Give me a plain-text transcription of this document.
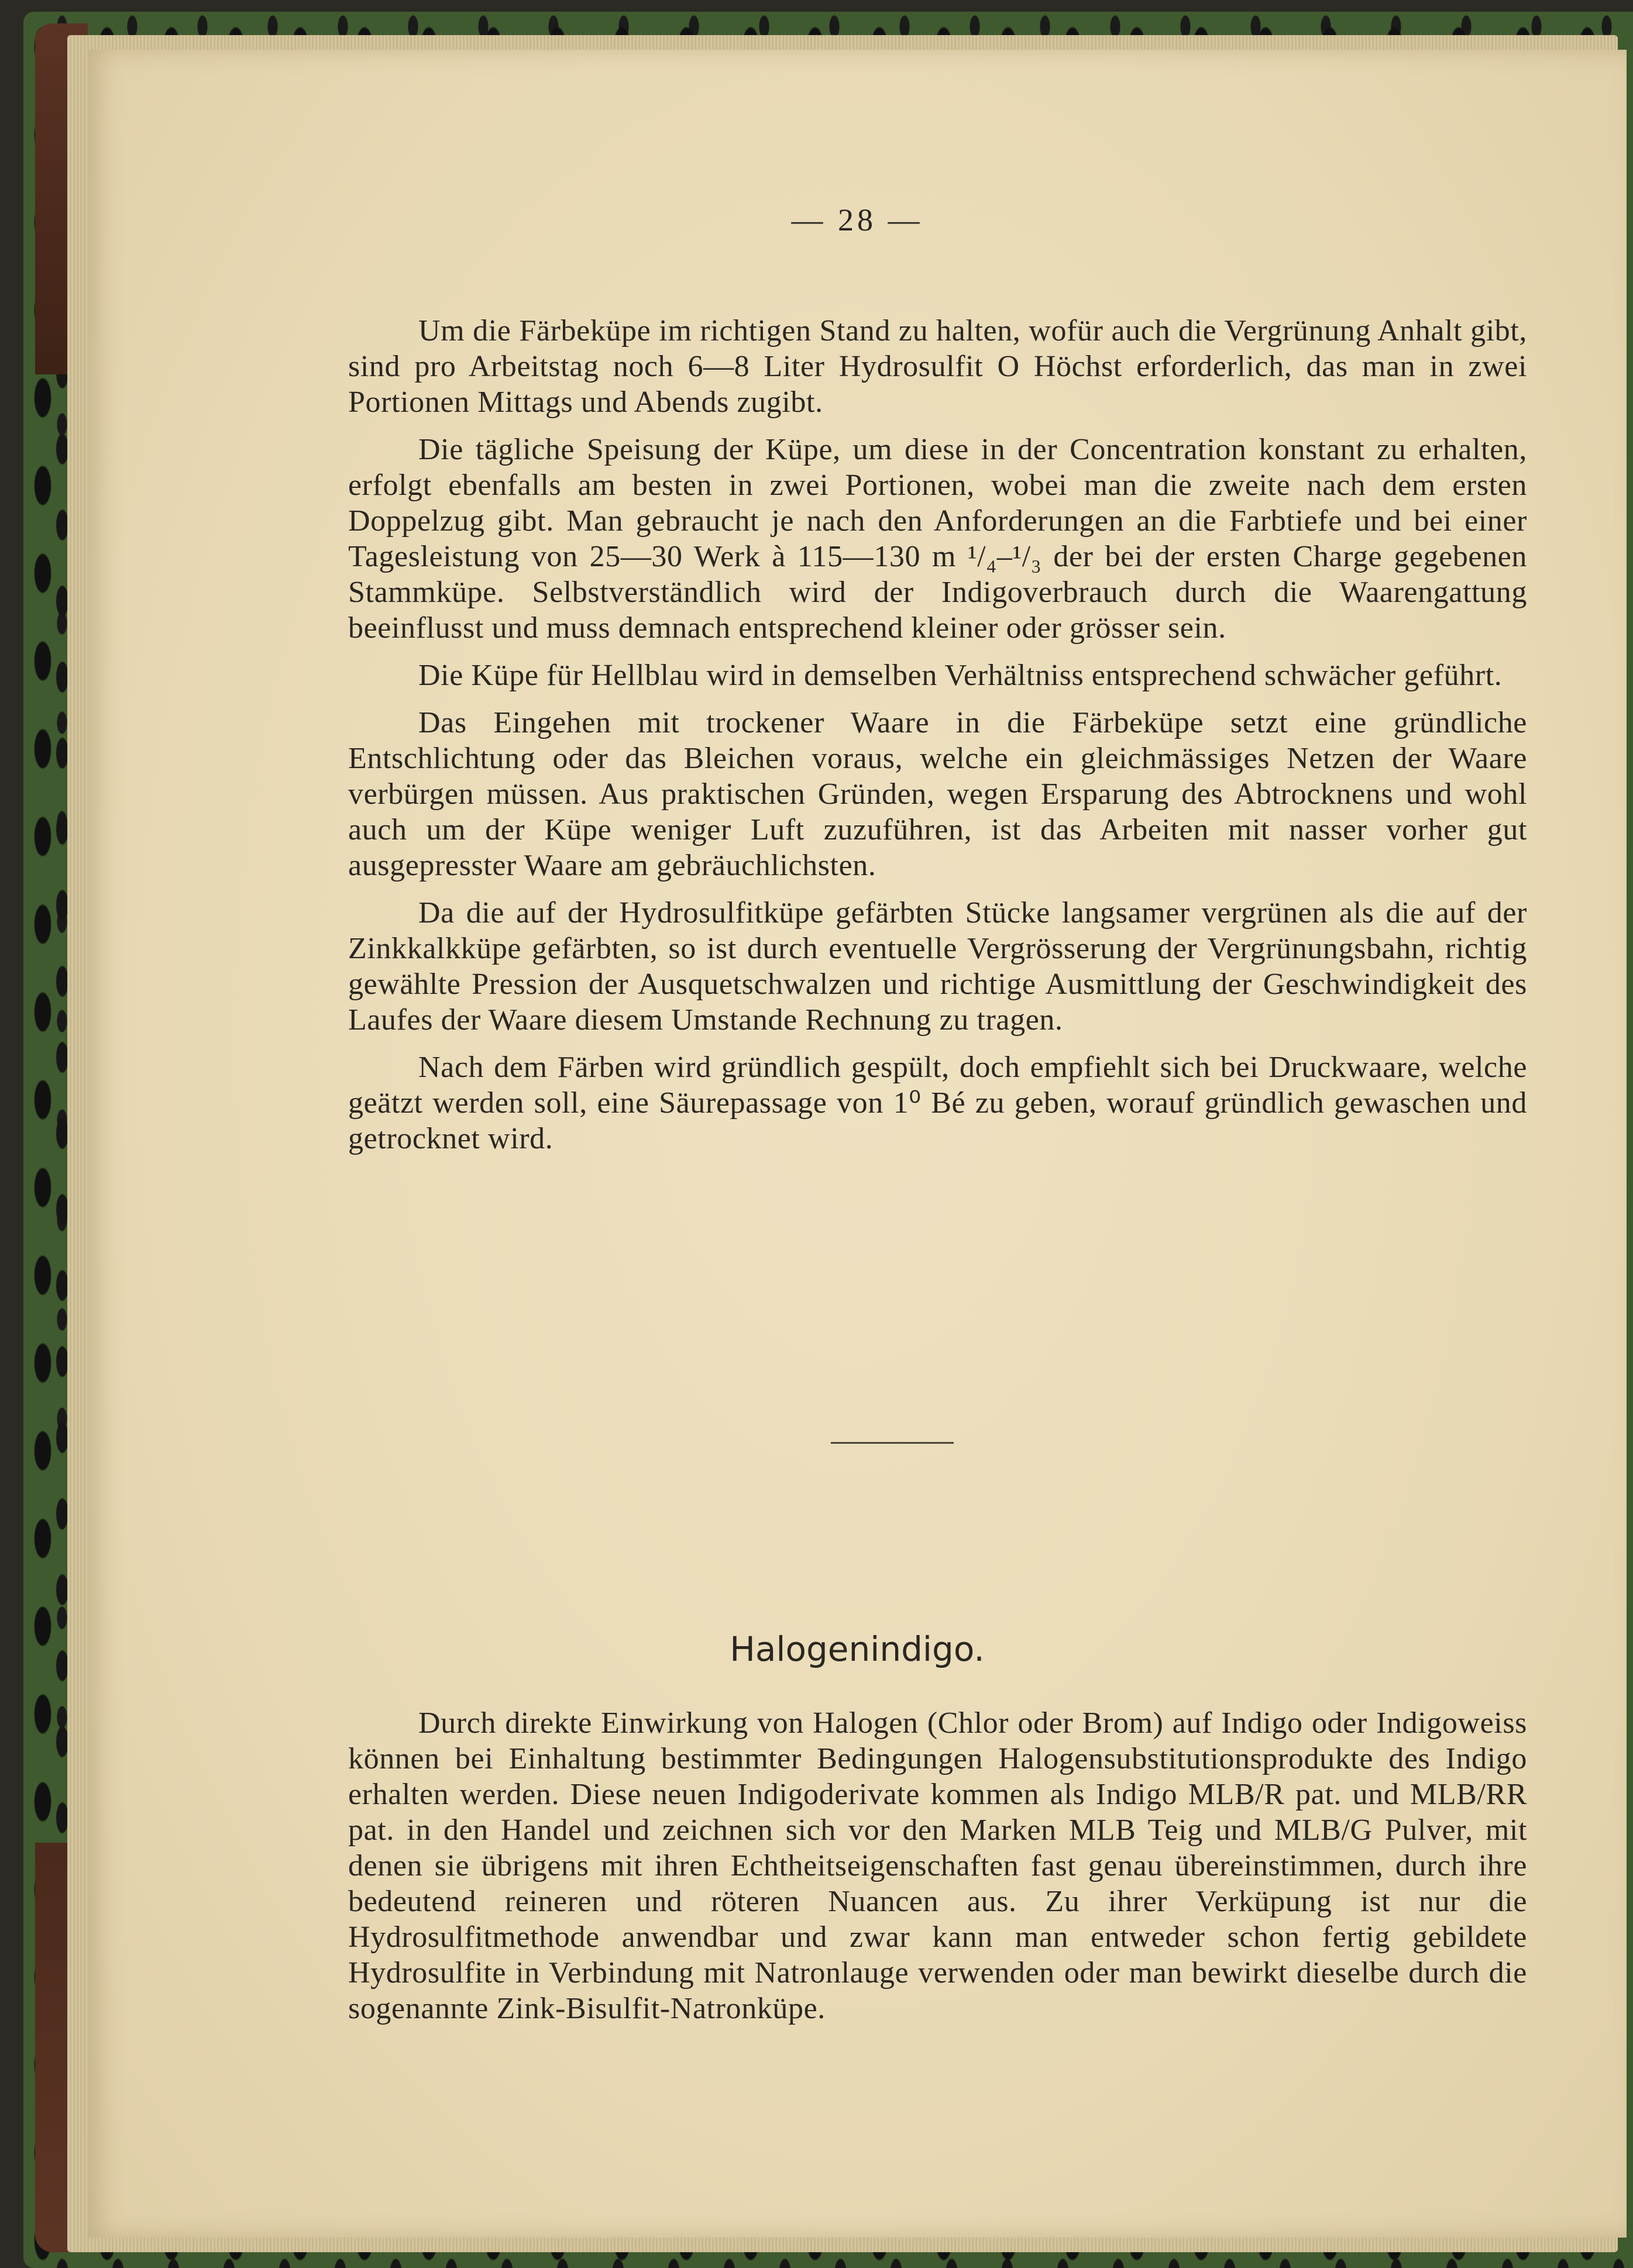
— 28 —

Um die Färbeküpe im richtigen Stand zu halten, wofür auch die Vergrünung Anhalt gibt, sind pro Arbeitstag noch 6—8 Liter Hydrosulfit O Höchst erforderlich, das man in zwei Portionen Mittags und Abends zugibt.

Die tägliche Speisung der Küpe, um diese in der Concentration konstant zu erhalten, erfolgt ebenfalls am besten in zwei Portionen, wobei man die zweite nach dem ersten Doppelzug gibt. Man gebraucht je nach den Anforderungen an die Farbtiefe und bei einer Tagesleistung von 25—30 Werk à 115—130 m ¹/₄–¹/₃ der bei der ersten Charge gegebenen Stammküpe. Selbstverständlich wird der Indigoverbrauch durch die Waarengattung beeinflusst und muss demnach entsprechend kleiner oder grösser sein.

Die Küpe für Hellblau wird in demselben Verhältniss entsprechend schwächer geführt.

Das Eingehen mit trockener Waare in die Färbeküpe setzt eine gründliche Entschlichtung oder das Bleichen voraus, welche ein gleichmässiges Netzen der Waare verbürgen müssen. Aus praktischen Gründen, wegen Ersparung des Abtrocknens und wohl auch um der Küpe weniger Luft zuzuführen, ist das Arbeiten mit nasser vorher gut ausgepresster Waare am gebräuchlichsten.

Da die auf der Hydrosulfitküpe gefärbten Stücke langsamer vergrünen als die auf der Zinkkalkküpe gefärbten, so ist durch eventuelle Vergrösserung der Vergrünungsbahn, richtig gewählte Pression der Ausquetschwalzen und richtige Ausmittlung der Geschwindigkeit des Laufes der Waare diesem Umstande Rechnung zu tragen.

Nach dem Färben wird gründlich gespült, doch empfiehlt sich bei Druckwaare, welche geätzt werden soll, eine Säurepassage von 1⁰ Bé zu geben, worauf gründlich gewaschen und getrocknet wird.

Halogenindigo.

Durch direkte Einwirkung von Halogen (Chlor oder Brom) auf Indigo oder Indigoweiss können bei Einhaltung bestimmter Bedingungen Halogensubstitutionsprodukte des Indigo erhalten werden. Diese neuen Indigoderivate kommen als Indigo MLB/R pat. und MLB/RR pat. in den Handel und zeichnen sich vor den Marken MLB Teig und MLB/G Pulver, mit denen sie übrigens mit ihren Echtheitseigenschaften fast genau übereinstimmen, durch ihre bedeutend reineren und röteren Nuancen aus. Zu ihrer Verküpung ist nur die Hydrosulfitmethode anwendbar und zwar kann man entweder schon fertig gebildete Hydrosulfite in Verbindung mit Natronlauge verwenden oder man bewirkt dieselbe durch die sogenannte Zink-Bisulfit-Natronküpe.
